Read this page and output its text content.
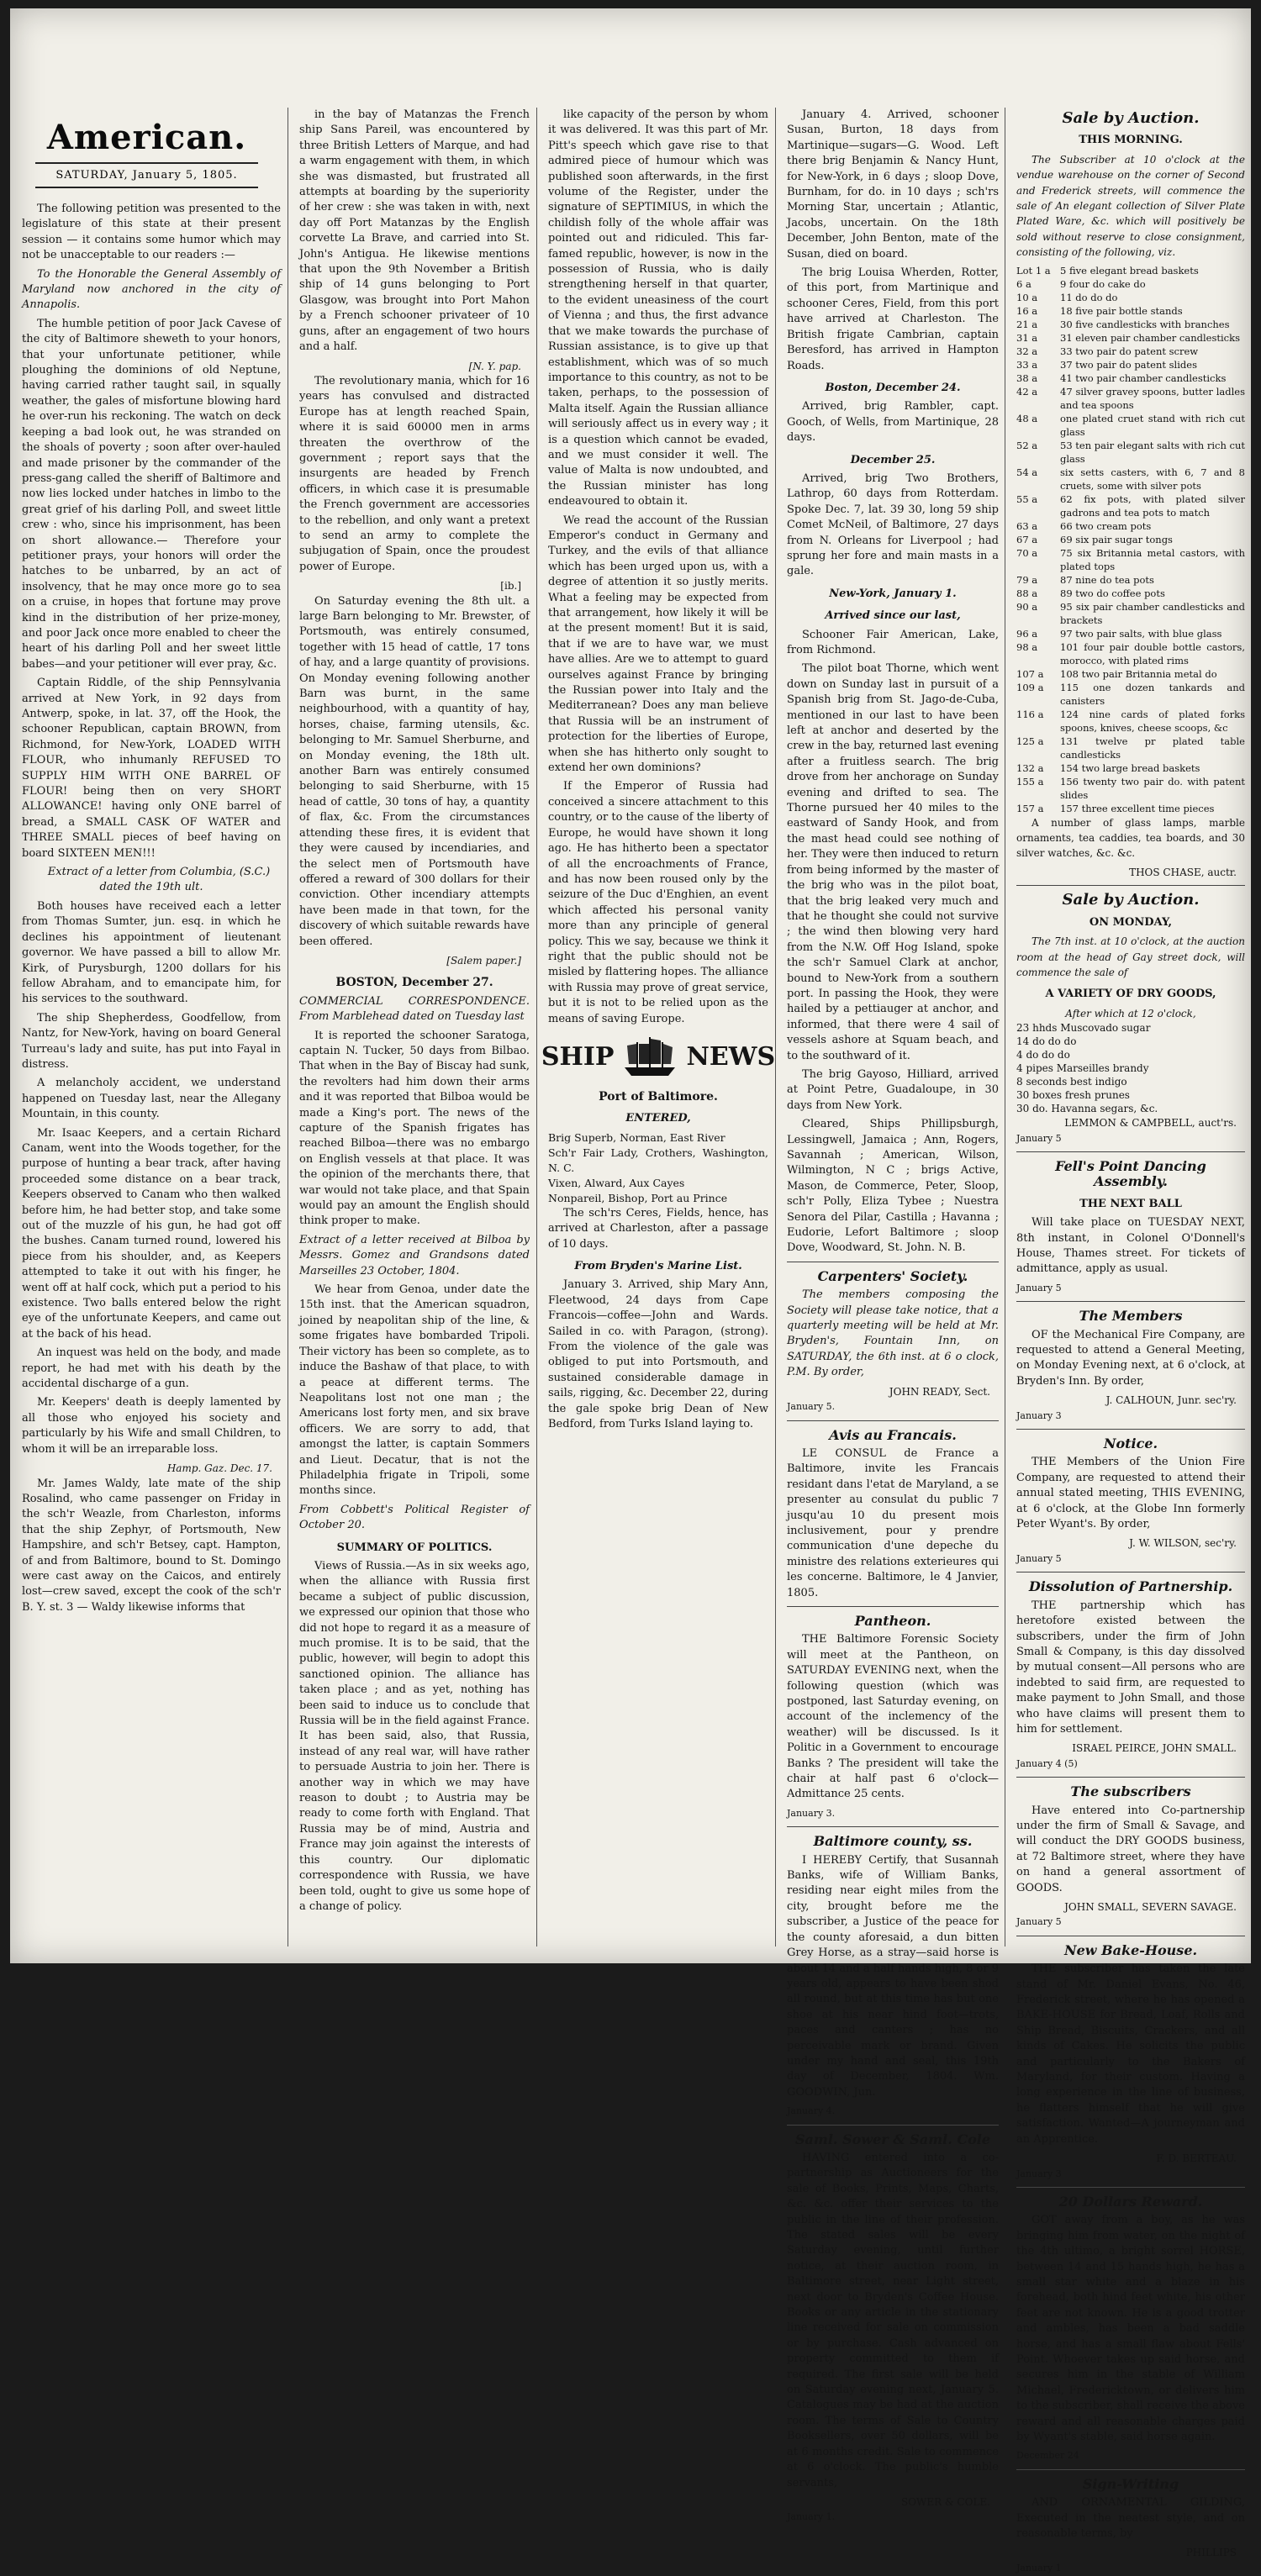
American.
SATURDAY, January 5, 1805.

The following petition was presented to the legislature of this state at their present session — it contains some humor which may not be unacceptable to our readers :—

To the Honorable the General Assembly of Maryland now anchored in the city of Annapolis.

The humble petition of poor Jack Cavese of the city of Baltimore sheweth to your honors, that your unfortunate petitioner, while ploughing the dominions of old Neptune, having carried rather taught sail, in squally weather, the gales of misfortune blowing hard he over-run his reckoning. The watch on deck keeping a bad look out, he was stranded on the shoals of poverty ; soon after over-hauled and made prisoner by the commander of the press-gang called the sheriff of Baltimore and now lies locked under hatches in limbo to the great grief of his darling Poll, and sweet little crew : who, since his imprisonment, has been on short allowance.— Therefore your petitioner prays, your honors will order the hatches to be unbarred, by an act of insolvency, that he may once more go to sea on a cruise, in hopes that fortune may prove kind in the distribution of her prize-money, and poor Jack once more enabled to cheer the heart of his darling Poll and her sweet little babes—and your petitioner will ever pray, &c.

Captain Riddle, of the ship Pennsylvania arrived at New York, in 92 days from Antwerp, spoke, in lat. 37, off the Hook, the schooner Republican, captain BROWN, from Richmond, for New-York, LOADED WITH FLOUR, who inhumanly REFUSED TO SUPPLY HIM WITH ONE BARREL OF FLOUR! being then on very SHORT ALLOWANCE! having only ONE barrel of bread, a SMALL CASK OF WATER and THREE SMALL pieces of beef having on board SIXTEEN MEN!!!

Extract of a letter from Columbia, (S.C.) dated the 19th ult.

Both houses have received each a letter from Thomas Sumter, jun. esq. in which he declines his appointment of lieutenant governor. We have passed a bill to allow Mr. Kirk, of Purysburgh, 1200 dollars for his fellow Abraham, and to emancipate him, for his services to the southward.

The ship Shepherdess, Goodfellow, from Nantz, for New-York, having on board General Turreau's lady and suite, has put into Fayal in distress.

A melancholy accident, we understand happened on Tuesday last, near the Allegany Mountain, in this county.

Mr. Isaac Keepers, and a certain Richard Canam, went into the Woods together, for the purpose of hunting a bear track, after having proceeded some distance on a bear track, Keepers observed to Canam who then walked before him, he had better stop, and take some out of the muzzle of his gun, he had got off the bushes. Canam turned round, lowered his piece from his shoulder, and, as Keepers attempted to take it out with his finger, he went off at half cock, which put a period to his existence. Two balls entered below the right eye of the unfortunate Keepers, and came out at the back of his head.

An inquest was held on the body, and made report, he had met with his death by the accidental discharge of a gun.

Mr. Keepers' death is deeply lamented by all those who enjoyed his society and particularly by his Wife and small Children, to whom it will be an irreparable loss.

Hamp. Gaz. Dec. 17.

Mr. James Waldy, late mate of the ship Rosalind, who came passenger on Friday in the sch'r Weazle, from Charleston, informs that the ship Zephyr, of Portsmouth, New Hampshire, and sch'r Betsey, capt. Hampton, of and from Baltimore, bound to St. Domingo were cast away on the Caicos, and entirely lost—crew saved, except the cook of the sch'r B. Y. st. 3 — Waldy likewise informs that

in the bay of Matanzas the French ship Sans Pareil, was encountered by three British Letters of Marque, and had a warm engagement with them, in which she was dismasted, but frustrated all attempts at boarding by the superiority of her crew : she was taken in with, next day off Port Matanzas by the English corvette La Brave, and carried into St. John's Antigua. He likewise mentions that upon the 9th November a British ship of 14 guns belonging to Port Glasgow, was brought into Port Mahon by a French schooner privateer of 10 guns, after an engagement of two hours and a half.

[N. Y. pap.

The revolutionary mania, which for 16 years has convulsed and distracted Europe has at length reached Spain, where it is said 60000 men in arms threaten the overthrow of the government ; report says that the insurgents are headed by French officers, in which case it is presumable the French government are accessories to the rebellion, and only want a pretext to send an army to complete the subjugation of Spain, once the proudest power of Europe.

[ib.]

On Saturday evening the 8th ult. a large Barn belonging to Mr. Brewster, of Portsmouth, was entirely consumed, together with 15 head of cattle, 17 tons of hay, and a large quantity of provisions. On Monday evening following another Barn was burnt, in the same neighbourhood, with a quantity of hay, horses, chaise, farming utensils, &c. belonging to Mr. Samuel Sherburne, and on Monday evening, the 18th ult. another Barn was entirely consumed belonging to said Sherburne, with 15 head of cattle, 30 tons of hay, a quantity of flax, &c. From the circumstances attending these fires, it is evident that they were caused by incendiaries, and the select men of Portsmouth have offered a reward of 300 dollars for their conviction. Other incendiary attempts have been made in that town, for the discovery of which suitable rewards have been offered.

[Salem paper.]
BOSTON, December 27.

COMMERCIAL CORRESPONDENCE. From Marblehead dated on Tuesday last

It is reported the schooner Saratoga, captain N. Tucker, 50 days from Bilbao. That when in the Bay of Biscay had sunk, the revolters had him down their arms and it was reported that Bilboa would be made a King's port. The news of the capture of the Spanish frigates has reached Bilboa—there was no embargo on English vessels at that place. It was the opinion of the merchants there, that war would not take place, and that Spain would pay an amount the English should think proper to make.

Extract of a letter received at Bilboa by Messrs. Gomez and Grandsons dated Marseilles 23 October, 1804.

We hear from Genoa, under date the 15th inst. that the American squadron, joined by neapolitan ship of the line, & some frigates have bombarded Tripoli. Their victory has been so complete, as to induce the Bashaw of that place, to with a peace at different terms. The Neapolitans lost not one man ; the Americans lost forty men, and six brave officers. We are sorry to add, that amongst the latter, is captain Sommers and Lieut. Decatur, that is not the Philadelphia frigate in Tripoli, some months since.

From Cobbett's Political Register of October 20.

SUMMARY OF POLITICS.

Views of Russia.—As in six weeks ago, when the alliance with Russia first became a subject of public discussion, we expressed our opinion that those who did not hope to regard it as a measure of much promise. It is to be said, that the public, however, will begin to adopt this sanctioned opinion. The alliance has taken place ; and as yet, nothing has been said to induce us to conclude that Russia will be in the field against France. It has been said, also, that Russia, instead of any real war, will have rather to persuade Austria to join her. There is another way in which we may have reason to doubt ; to Austria may be ready to come forth with England. That Russia may be of mind, Austria and France may join against the interests of this country. Our diplomatic correspondence with Russia, we have been told, ought to give us some hope of a change of policy.

like capacity of the person by whom it was delivered. It was this part of Mr. Pitt's speech which gave rise to that admired piece of humour which was published soon afterwards, in the first volume of the Register, under the signature of SEPTIMIUS, in which the childish folly of the whole affair was pointed out and ridiculed. This far-famed republic, however, is now in the possession of Russia, who is daily strengthening herself in that quarter, to the evident uneasiness of the court of Vienna ; and thus, the first advance that we make towards the purchase of Russian assistance, is to give up that establishment, which was of so much importance to this country, as not to be taken, perhaps, to the possession of Malta itself. Again the Russian alliance will seriously affect us in every way ; it is a question which cannot be evaded, and we must consider it well. The value of Malta is now undoubted, and the Russian minister has long endeavoured to obtain it.

We read the account of the Russian Emperor's conduct in Germany and Turkey, and the evils of that alliance which has been urged upon us, with a degree of attention it so justly merits. What a feeling may be expected from that arrangement, how likely it will be at the present moment! But it is said, that if we are to have war, we must have allies. Are we to attempt to guard ourselves against France by bringing the Russian power into Italy and the Mediterranean? Does any man believe that Russia will be an instrument of protection for the liberties of Europe, when she has hitherto only sought to extend her own dominions?

If the Emperor of Russia had conceived a sincere attachment to this country, or to the cause of the liberty of Europe, he would have shown it long ago. He has hitherto been a spectator of all the encroachments of France, and has now been roused only by the seizure of the Duc d'Enghien, an event which affected his personal vanity more than any principle of general policy. This we say, because we think it right that the public should not be misled by flattering hopes. The alliance with Russia may prove of great service, but it is not to be relied upon as the means of saving Europe.

SHIP	NEWS
Port of Baltimore.
ENTERED,
Brig Superb, Norman, East River
Sch'r Fair Lady, Crothers, Washington, N. C.
Vixen, Alward, Aux Cayes
Nonpareil, Bishop, Port au Prince

The sch'rs Ceres, Fields, hence, has arrived at Charleston, after a passage of 10 days.

From Bryden's Marine List.

January 3. Arrived, ship Mary Ann, Fleetwood, 24 days from Cape Francois—coffee—John and Wards. Sailed in co. with Paragon, (strong). From the violence of the gale was obliged to put into Portsmouth, and sustained considerable damage in sails, rigging, &c. December 22, during the gale spoke brig Dean of New Bedford, from Turks Island laying to.

January 4. Arrived, schooner Susan, Burton, 18 days from Martinique—sugars—G. Wood. Left there brig Benjamin & Nancy Hunt, for New-York, in 6 days ; sloop Dove, Burnham, for do. in 10 days ; sch'rs Morning Star, uncertain ; Atlantic, Jacobs, uncertain. On the 18th December, John Benton, mate of the Susan, died on board.

The brig Louisa Wherden, Rotter, of this port, from Martinique and schooner Ceres, Field, from this port have arrived at Charleston. The British frigate Cambrian, captain Beresford, has arrived in Hampton Roads.

Boston, December 24.

Arrived, brig Rambler, capt. Gooch, of Wells, from Martinique, 28 days.

December 25.

Arrived, brig Two Brothers, Lathrop, 60 days from Rotterdam. Spoke Dec. 7, lat. 39 30, long 59 ship Comet McNeil, of Baltimore, 27 days from N. Orleans for Liverpool ; had sprung her fore and main masts in a gale.

New-York, January 1.
Arrived since our last,

Schooner Fair American, Lake, from Richmond.

The pilot boat Thorne, which went down on Sunday last in pursuit of a Spanish brig from St. Jago-de-Cuba, mentioned in our last to have been left at anchor and deserted by the crew in the bay, returned last evening after a fruitless search. The brig drove from her anchorage on Sunday evening and drifted to sea. The Thorne pursued her 40 miles to the eastward of Sandy Hook, and from the mast head could see nothing of her. They were then induced to return from being informed by the master of the brig who was in the pilot boat, that the brig leaked very much and that he thought she could not survive ; the wind then blowing very hard from the N.W. Off Hog Island, spoke the sch'r Samuel Clark at anchor, bound to New-York from a southern port. In passing the Hook, they were hailed by a pettiauger at anchor, and informed, that there were 4 sail of vessels ashore at Squam beach, and to the southward of it.

The brig Gayoso, Hilliard, arrived at Point Petre, Guadaloupe, in 30 days from New York.

Cleared, Ships Phillipsburgh, Lessingwell, Jamaica ; Ann, Rogers, Savannah ; American, Wilson, Wilmington, N C ; brigs Active, Mason, de Commerce, Peter, Sloop, sch'r Polly, Eliza Tybee ; Nuestra Senora del Pilar, Castilla ; Havanna ; Eudorie, Lefort Baltimore ; sloop Dove, Woodward, St. John. N. B.

Carpenters' Society.

The members composing the Society will please take notice, that a quarterly meeting will be held at Mr. Bryden's, Fountain Inn, on SATURDAY, the 6th inst. at 6 o clock, P.M. By order,

JOHN READY, Sect.
January 5.
Avis au Francais.

LE CONSUL de France a Baltimore, invite les Francais residant dans l'etat de Maryland, a se presenter au consulat du public 7 jusqu'au 10 du present mois inclusivement, pour y prendre communication d'une depeche du ministre des relations exterieures qui les concerne. Baltimore, le 4 Janvier, 1805.

Pantheon.

THE Baltimore Forensic Society will meet at the Pantheon, on SATURDAY EVENING next, when the following question (which was postponed, last Saturday evening, on account of the inclemency of the weather) will be discussed. Is it Politic in a Government to encourage Banks ? The president will take the chair at half past 6 o'clock—Admittance 25 cents.

January 3.
Baltimore county, ss.

I HEREBY Certify, that Susannah Banks, wife of William Banks, residing near eight miles from the city, brought before me the subscriber, a Justice of the peace for the county aforesaid, a dun bitten Grey Horse, as a stray—said horse is about 14 and a half hands high, 8 or 9 years old, appears to have been shod all round, but at this time has but one shoe at his near hind foot—trots, paces and canters ; has no perceivable mark or brand. Given under my hand and seal, this 19th day of December, 1804. Wm. GOODWIN, Jun.

January 4.
Saml. Sower & Saml. Cole

HAVING entered into a co-partnership as Auctioneers for the sale of Books, Prints, Maps, Charts, &c. &c. offer their services to the public in the line of their profession. The stated sales will be every Saturday evening, until further notice, at their auction room, in Baltimore street, near Light street, next door to Bryden's Coffee House. Books or any article in the stationary line received for sale on commission or by purchase. Cash advanced on property committed to them if required. The first sale will be held on Saturday evening next, January 5. Catalogues may be had at the auction room. The terms of Sale to Country Booksellers, over 50 dollars, will be at 6 months credit. Sale to commence at 6 o'clock. The public's humble servants,

SOWER & COLE.
January 1.
Sale by Auction.
THIS MORNING.

The Subscriber at 10 o'clock at the vendue warehouse on the corner of Second and Frederick streets, will commence the sale of An elegant collection of Silver Plate Plated Ware, &c. which will positively be sold without reserve to close consignment, consisting of the following, viz.

Lot 1 a 5 five elegant bread baskets
6 a	9 four do cake do
10 a	11 do do do
16 a	18 five pair bottle stands
21 a	30 five candlesticks with branches
31 a	31 eleven pair chamber candlesticks
32 a	33 two pair do patent screw
33 a	37 two pair do patent slides
38 a	41 two pair chamber candlesticks
42 a	47 silver gravey spoons, butter ladles and tea spoons
48 a	one plated cruet stand with rich cut glass
52 a	53 ten pair elegant salts with rich cut glass
54 a	six setts casters, with 6, 7 and 8 cruets, some with silver pots
55 a	62 fix pots, with plated silver gadrons and tea pots to match
63 a	66 two cream pots
67 a	69 six pair sugar tongs
70 a	75 six Britannia metal castors, with plated tops
79 a	87 nine do tea pots
88 a	89 two do coffee pots
90 a	95 six pair chamber candlesticks and brackets
96 a	97 two pair salts, with blue glass
98 a	101 four pair double bottle castors, morocco, with plated rims
107 a	108 two pair Britannia metal do
109 a	115 one dozen tankards and canisters
116 a	124 nine cards of plated forks spoons, knives, cheese scoops, &c
125 a	131 twelve pr plated table candlesticks
132 a	154 two large bread baskets
155 a	156 twenty two pair do. with patent slides
157 a	157 three excellent time pieces

A number of glass lamps, marble ornaments, tea caddies, tea boards, and 30 silver watches, &c. &c.

THOS CHASE, auctr.
Sale by Auction.
ON MONDAY,

The 7th inst. at 10 o'clock, at the auction room at the head of Gay street dock, will commence the sale of

A VARIETY OF DRY GOODS,
After which at 12 o'clock,
23 hhds Muscovado sugar
14 do do do
4 do do do
4 pipes Marseilles brandy
8 seconds best indigo
30 boxes fresh prunes
30 do. Havanna segars, &c.
LEMMON & CAMPBELL, auct'rs.
January 5
Fell's Point Dancing Assembly.
THE NEXT BALL

Will take place on TUESDAY NEXT, 8th instant, in Colonel O'Donnell's House, Thames street. For tickets of admittance, apply as usual.

January 5
The Members

OF the Mechanical Fire Company, are requested to attend a General Meeting, on Monday Evening next, at 6 o'clock, at Bryden's Inn. By order,

J. CALHOUN, Junr. sec'ry.
January 3
Notice.

THE Members of the Union Fire Company, are requested to attend their annual stated meeting, THIS EVENING, at 6 o'clock, at the Globe Inn formerly Peter Wyant's. By order,

J. W. WILSON, sec'ry.
January 5
Dissolution of Partnership.

THE partnership which has heretofore existed between the subscribers, under the firm of John Small & Company, is this day dissolved by mutual consent—All persons who are indebted to said firm, are requested to make payment to John Small, and those who have claims will present them to him for settlement.

ISRAEL PEIRCE, JOHN SMALL.
January 4 (5)
The subscribers

Have entered into Co-partnership under the firm of Small & Savage, and will conduct the DRY GOODS business, at 72 Baltimore street, where they have on hand a general assortment of GOODS.

JOHN SMALL, SEVERN SAVAGE.
January 5
New Bake-House.

THE subscriber has taken the late stand of Mr. Daniel Evans, No. 46, Frederick street, where he has opened a BAKE-HOUSE for Bread, Loaf, Rolls and Ship Bread, Biscuits, Crackers, and all kinds of Cakes. He solicits the public and particularly to the Bakers of Maryland, for their custom. Having a long experience in the line of business, he flatters himself that he will give satisfaction. Wanted—A journeyman and an Apprentice.

F. D. BERTEAU.
January 3
20 Dollars Reward.

GOT away from a boy, as he was bringing him from water, on the night of the 4th ultimo, a bright sorrel HORSE, between 14 and 15 hands high, he has a small star white and a blaze in his forehead, both hind feet white, his other feet are not known. He is a good trotter and ambles, has been a bad saddle horse, and has a small flaw about Fells' Point. Whoever takes up said horse, and secures him in the stable of William Michael, Fredericktown, or delivers him to the subscriber, shall receive the above reward and all reasonable charges paid by Wyant's stable, said horse again.

December 24
Sign-Writing

AND ORNAMENTAL GILDING, Executed in the neatest style, and on reasonable terms, by

PHILLIPS
January 1
